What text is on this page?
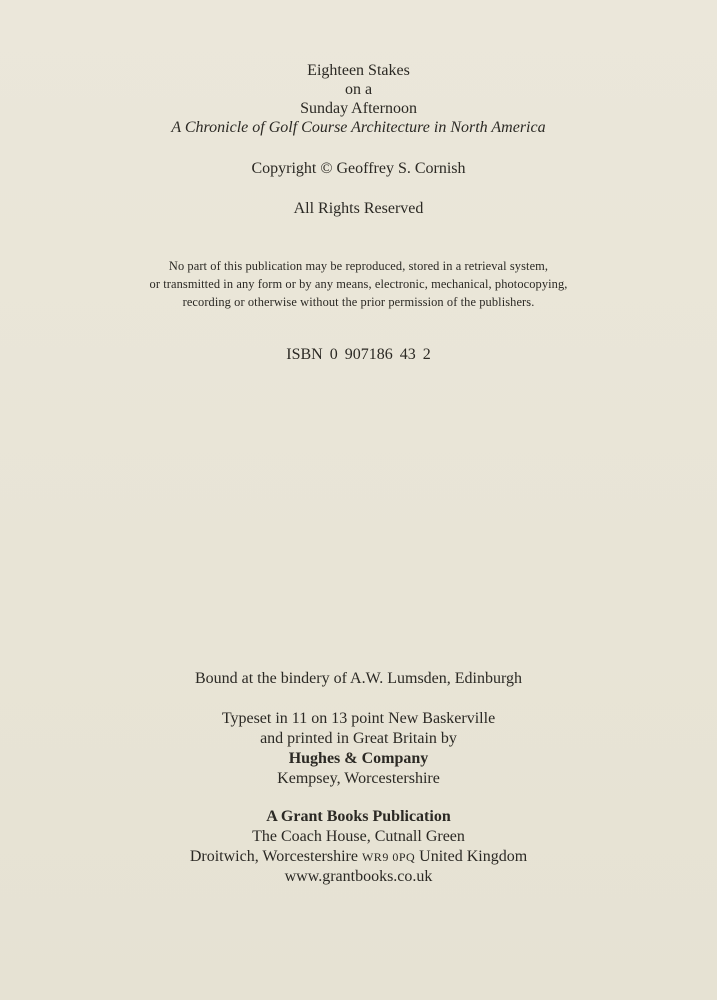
Eighteen Stakes
on a
Sunday Afternoon
A Chronicle of Golf Course Architecture in North America
Copyright © Geoffrey S. Cornish
All Rights Reserved
No part of this publication may be reproduced, stored in a retrieval system,
or transmitted in any form or by any means, electronic, mechanical, photocopying,
recording or otherwise without the prior permission of the publishers.
ISBN 0 907186 43 2
Bound at the bindery of A.W. Lumsden, Edinburgh
Typeset in 11 on 13 point New Baskerville
and printed in Great Britain by
Hughes & Company
Kempsey, Worcestershire
A Grant Books Publication
The Coach House, Cutnall Green
Droitwich, Worcestershire WR9 0PQ United Kingdom
www.grantbooks.co.uk
